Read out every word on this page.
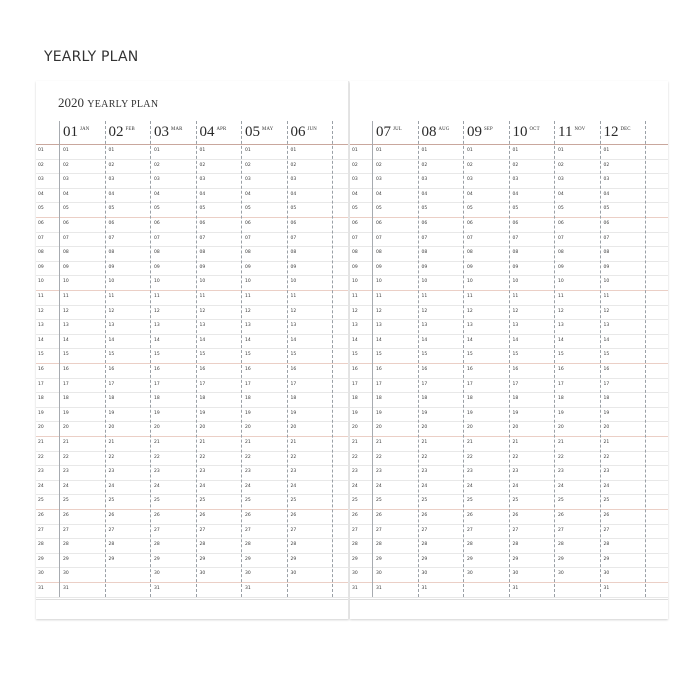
YEARLY PLAN
2020 YEARLY PLAN
01 $^{JAN}$
01
02
03
04
05
06
07
08
09
10
11
12
13
14
15
16
17
18
19
20
21
22
23
24
25
26
27
28
29
30
31
02 $^{FEB}$
01
02
03
04
05
06
07
08
09
10
11
12
13
14
15
16
17
18
19
20
21
22
23
24
25
26
27
28
29
03 $^{MAR}$
01
02
03
04
05
06
07
08
09
10
11
12
13
14
15
16
17
18
19
20
21
22
23
24
25
26
27
28
29
30
31
04 $^{APR}$
01
02
03
04
05
06
07
08
09
10
11
12
13
14
15
16
17
18
19
20
21
22
23
24
25
26
27
28
29
30
05 $^{MAY}$
01
02
03
04
05
06
07
08
09
10
11
12
13
14
15
16
17
18
19
20
21
22
23
24
25
26
27
28
29
30
31
06 $^{JUN}$
01
02
03
04
05
06
07
08
09
10
11
12
13
14
15
16
17
18
19
20
21
22
23
24
25
26
27
28
29
30
01
02
03
04
05
06
07
08
09
10
11
12
13
14
15
16
17
18
19
20
21
22
23
24
25
26
27
28
29
30
31
07 $^{JUL}$
01
02
03
04
05
06
07
08
09
10
11
12
13
14
15
16
17
18
19
20
21
22
23
24
25
26
27
28
29
30
31
08 $^{AUG}$
01
02
03
04
05
06
07
08
09
10
11
12
13
14
15
16
17
18
19
20
21
22
23
24
25
26
27
28
29
30
31
09 $^{SEP}$
01
02
03
04
05
06
07
08
09
10
11
12
13
14
15
16
17
18
19
20
21
22
23
24
25
26
27
28
29
30
10 $^{OCT}$
01
02
03
04
05
06
07
08
09
10
11
12
13
14
15
16
17
18
19
20
21
22
23
24
25
26
27
28
29
30
31
11 $^{NOV}$
01
02
03
04
05
06
07
08
09
10
11
12
13
14
15
16
17
18
19
20
21
22
23
24
25
26
27
28
29
30
12 $^{DEC}$
01
02
03
04
05
06
07
08
09
10
11
12
13
14
15
16
17
18
19
20
21
22
23
24
25
26
27
28
29
30
31
01
02
03
04
05
06
07
08
09
10
11
12
13
14
15
16
17
18
19
20
21
22
23
24
25
26
27
28
29
30
31
